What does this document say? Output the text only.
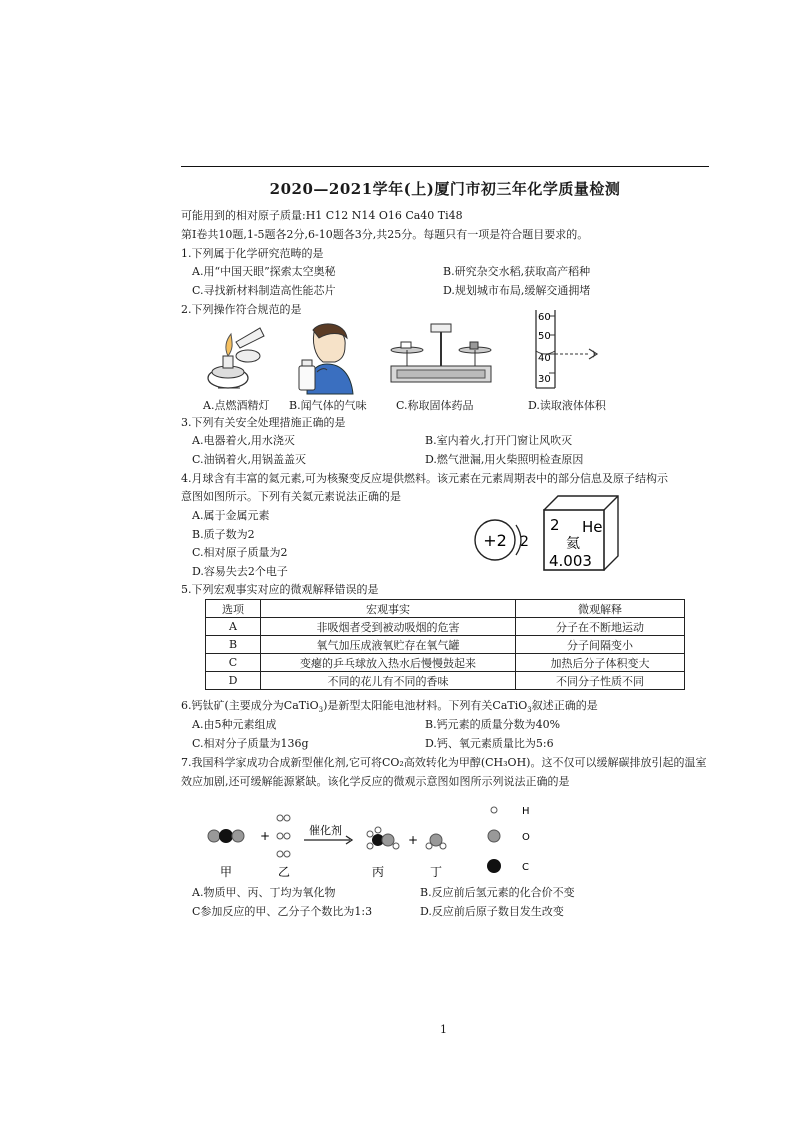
2020—2021学年(上)厦门市初三年化学质量检测
可能用到的相对原子质量:H1 C12 N14 O16 Ca40 Ti48
第Ⅰ卷共10题,1-5题各2分,6-10题各3分,共25分。每题只有一项是符合题目要求的。
1.下列属于化学研究范畴的是
A.用“中国天眼”探索太空奥秘	B.研究杂交水稻,获取高产稻种
C.寻找新材料制造高性能芯片	D.规划城市布局,缓解交通拥堵
2.下列操作符合规范的是
60
50
40
30
A.点燃酒精灯 B.闻气体的气味	C.称取固体药品	D.读取液体体积
3.下列有关安全处理措施正确的是
A.电器着火,用水浇灭	B.室内着火,打开门窗让风吹灭
C.油锅着火,用锅盖盖灭	D.燃气泄漏,用火柴照明检查原因
4.月球含有丰富的氦元素,可为核聚变反应堤供燃料。该元素在元素周期表中的部分信息及原子结构示
意图如图所示。下列有关氦元素说法正确的是
A.属于金属元素
B.质子数为2
C.相对原子质量为2
D.容易失去2个电子
+2 2
2 He
氦
4.003
5.下列宏观事实对应的微观解释错误的是
选项	宏观事实	微观解释
A	非吸烟者受到被动吸烟的危害	分子在不断地运动
B	氧气加压成液氧贮存在氧气罐	分子间隔变小
C	变瘪的乒乓球放入热水后慢慢鼓起来	加热后分子体积变大
D	不同的花儿有不同的香味	不同分子性质不同
6.钙钛矿(主要成分为CaTiO$_3$)是新型太阳能电池材料。下列有关CaTiO$_3$叙述正确的是
A.由5种元素组成	B.钙元素的质量分数为40%
C.相对分子质量为136g	D.钙、氧元素质量比为5:6
7.我国科学家成功合成新型催化剂,它可将CO₂高效转化为甲醇(CH₃OH)。这不仅可以缓解碳排放引起的温室
效应加剧,还可缓解能源紧缺。该化学反应的微观示意图如图所示列说法正确的是
+	催化剂
+
甲	乙	丙	丁
H
O
C
A.物质甲、丙、丁均为氧化物	B.反应前后氢元素的化合价不变
C参加反应的甲、乙分子个数比为1:3	D.反应前后原子数目发生改变
1
